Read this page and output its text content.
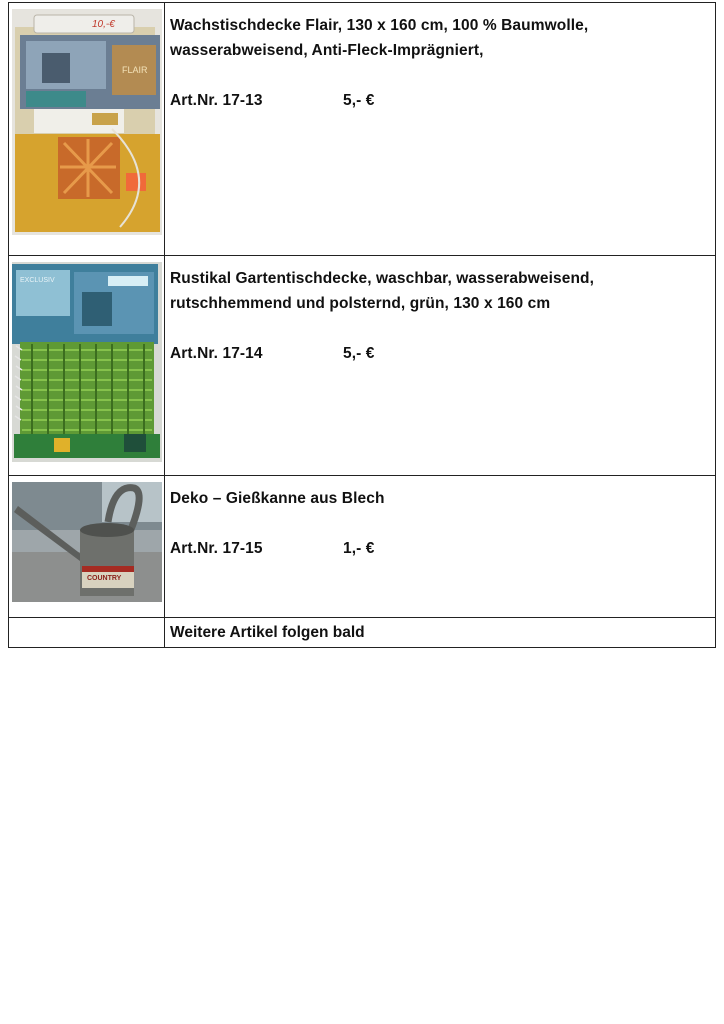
FLAIR
10,-€	Wachstischdecke Flair, 130 x 160 cm, 100 % Baumwolle, wasserabweisend, Anti-Fleck-Imprägniert,
Art.Nr. 17-13 5,- €

EXCLUSIV	Rustikal Gartentischdecke, waschbar, wasserabweisend, rutschhemmend und polsternd, grün, 130 x 160 cm
Art.Nr. 17-14 5,- €

COUNTRY	Deko – Gießkanne aus Blech
Art.Nr. 17-15 1,- €

	Weitere Artikel folgen bald
